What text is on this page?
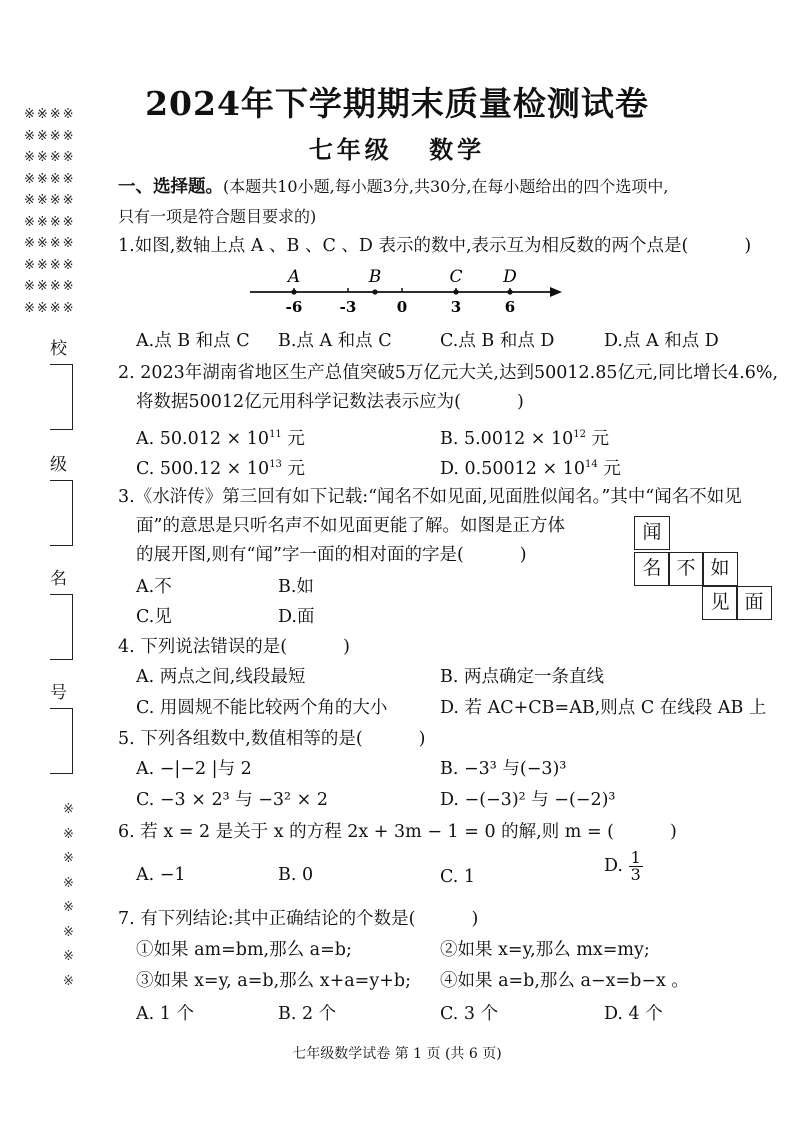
※※※※
※※※※
※※※※
※※※※
※※※※
※※※※
※※※※
※※※※
※※※※
※※※※
校
级
名
号
※
※
※
※
※
※
※
※
2024年下学期期末质量检测试卷
七年级 数学
一、选择题。(本题共10小题,每小题3分,共30分,在每小题给出的四个选项中,
只有一项是符合题目要求的)
1.如图,数轴上点 A 、B 、C 、D 表示的数中,表示互为相反数的两个点是(	)
-6 -3	0	3	6
A	B	C D
A.点 B 和点 C B.点 A 和点 C	C.点 B 和点 D	D.点 A 和点 D
2. 2023年湖南省地区生产总值突破5万亿元大关,达到50012.85亿元,同比增长4.6%,
将数据50012亿元用科学记数法表示应为(	)
A. $50.012 \times 10^{11}$ 元	B. $5.0012 \times 10^{12}$ 元
C. $500.12 \times 10^{13}$ 元	D. $0.50012 \times 10^{14}$ 元
3.《水浒传》第三回有如下记载:“闻名不如见面,见面胜似闻名。”其中“闻名不如见
面”的意思是只听名声不如见面更能了解。如图是正方体
的展开图,则有“闻”字一面的相对面的字是(	)
A.不	B.如
C.见	D.面
闻
名 不 如
见 面
4. 下列说法错误的是(	)
A. 两点之间,线段最短	B. 两点确定一条直线
C. 用圆规不能比较两个角的大小	D. 若 AC+CB=AB,则点 C 在线段 AB 上
5. 下列各组数中,数值相等的是(	)
A. −|−2 |与 2	B. −3³ 与(−3)³
C. −3 × 2³ 与 −3² × 2	D. −(−3)² 与 −(−2)³
6. 若 x = 2 是关于 x 的方程 2x + 3m − 1 = 0 的解,则 m = (	)
A. −1	B. 0	C. 1
D. $\frac{1}{3}$
7. 有下列结论:其中正确结论的个数是(	)
①如果 am=bm,那么 a=b;	②如果 x=y,那么 mx=my;
③如果 x=y, a=b,那么 x+a=y+b; ④如果 a=b,那么 a−x=b−x 。
A. 1 个	B. 2 个	C. 3 个	D. 4 个
七年级数学试卷 第 1 页 (共 6 页)
